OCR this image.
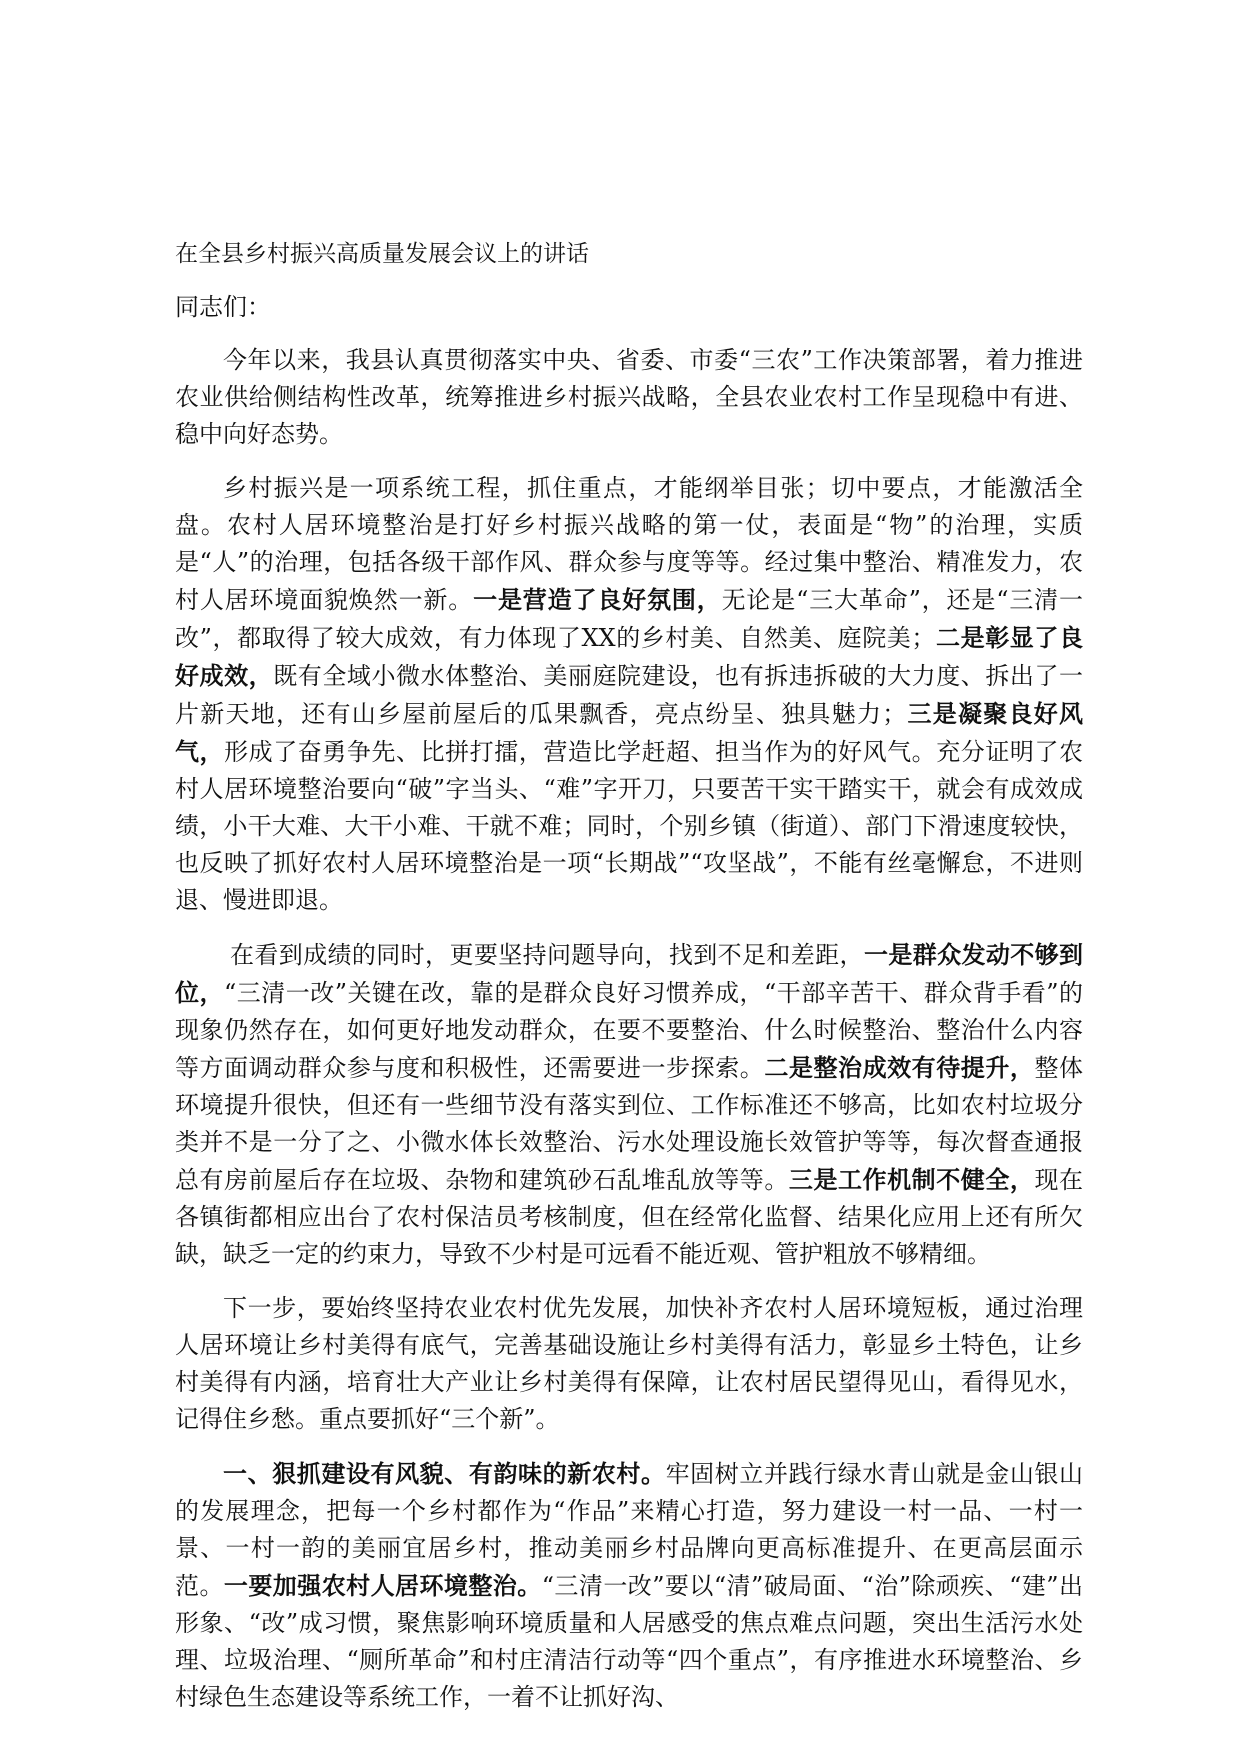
在全县乡村振兴高质量发展会议上的讲话
同志们：

今年以来，我县认真贯彻落实中央、省委、市委“三农”工作决策部署，着力推进农业供给侧结构性改革，统筹推进乡村振兴战略，全县农业农村工作呈现稳中有进、稳中向好态势。

乡村振兴是一项系统工程，抓住重点，才能纲举目张；切中要点，才能激活全盘。农村人居环境整治是打好乡村振兴战略的第一仗，表面是“物”的治理，实质是“人”的治理，包括各级干部作风、群众参与度等等。经过集中整治、精准发力，农村人居环境面貌焕然一新。一是营造了良好氛围，无论是“三大革命”，还是“三清一改”，都取得了较大成效，有力体现了XX的乡村美、自然美、庭院美；二是彰显了良好成效，既有全域小微水体整治、美丽庭院建设，也有拆违拆破的大力度、拆出了一片新天地，还有山乡屋前屋后的瓜果飘香，亮点纷呈、独具魅力；三是凝聚良好风气，形成了奋勇争先、比拼打擂，营造比学赶超、担当作为的好风气。充分证明了农村人居环境整治要向“破”字当头、“难”字开刀，只要苦干实干踏实干，就会有成效成绩，小干大难、大干小难、干就不难；同时，个别乡镇（街道）、部门下滑速度较快，也反映了抓好农村人居环境整治是一项“长期战”“攻坚战”，不能有丝毫懈怠，不进则退、慢进即退。

在看到成绩的同时，更要坚持问题导向，找到不足和差距，一是群众发动不够到位，“三清一改”关键在改，靠的是群众良好习惯养成，“干部辛苦干、群众背手看”的现象仍然存在，如何更好地发动群众，在要不要整治、什么时候整治、整治什么内容等方面调动群众参与度和积极性，还需要进一步探索。二是整治成效有待提升，整体环境提升很快，但还有一些细节没有落实到位、工作标准还不够高，比如农村垃圾分类并不是一分了之、小微水体长效整治、污水处理设施长效管护等等，每次督查通报总有房前屋后存在垃圾、杂物和建筑砂石乱堆乱放等等。三是工作机制不健全，现在各镇街都相应出台了农村保洁员考核制度，但在经常化监督、结果化应用上还有所欠缺，缺乏一定的约束力，导致不少村是可远看不能近观、管护粗放不够精细。

下一步，要始终坚持农业农村优先发展，加快补齐农村人居环境短板，通过治理人居环境让乡村美得有底气，完善基础设施让乡村美得有活力，彰显乡土特色，让乡村美得有内涵，培育壮大产业让乡村美得有保障，让农村居民望得见山，看得见水，记得住乡愁。重点要抓好“三个新”。

一、狠抓建设有风貌、有韵味的新农村。牢固树立并践行绿水青山就是金山银山的发展理念，把每一个乡村都作为“作品”来精心打造，努力建设一村一品、一村一景、一村一韵的美丽宜居乡村，推动美丽乡村品牌向更高标准提升、在更高层面示范。一要加强农村人居环境整治。“三清一改”要以“清”破局面、“治”除顽疾、“建”出形象、“改”成习惯，聚焦影响环境质量和人居感受的焦点难点问题，突出生活污水处理、垃圾治理、“厕所革命”和村庄清洁行动等“四个重点”，有序推进水环境整治、乡村绿色生态建设等系统工作，一着不让抓好沟、
